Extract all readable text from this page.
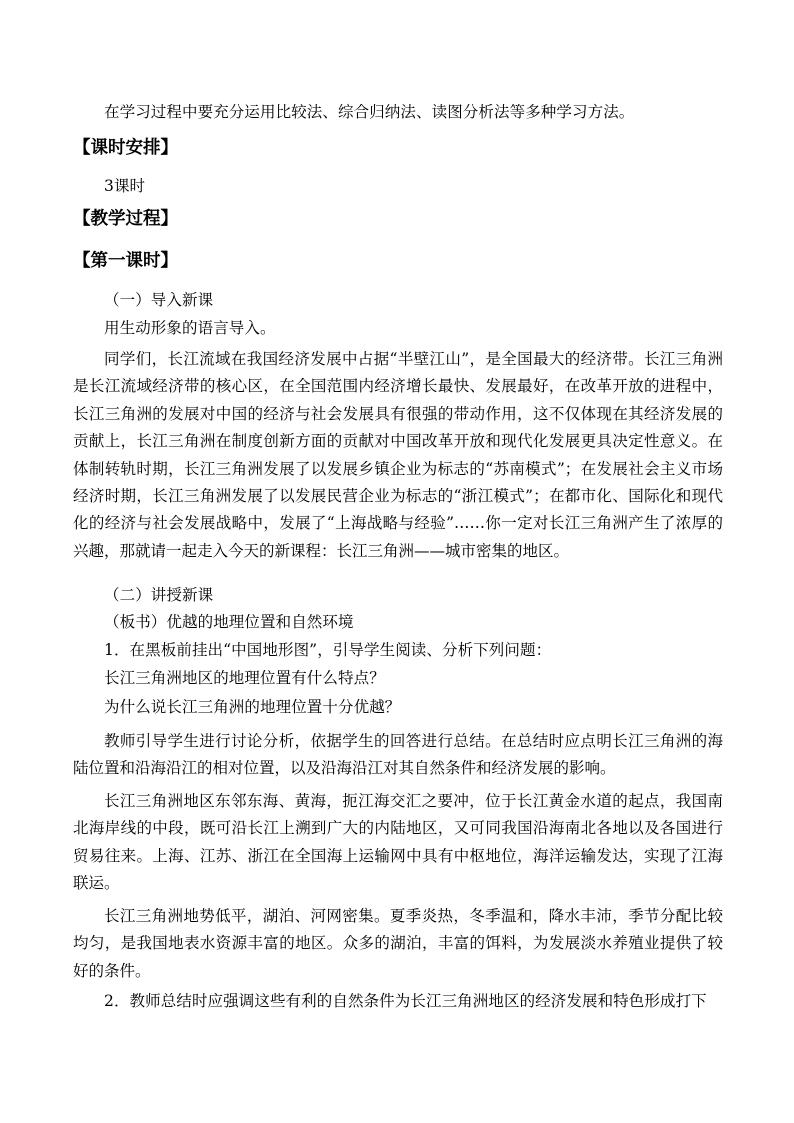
在学习过程中要充分运用比较法、综合归纳法、读图分析法等多种学习方法。
【课时安排】
3课时
【教学过程】
【第一课时】
（一）导入新课
用生动形象的语言导入。

同学们，长江流域在我国经济发展中占据“半壁江山”，是全国最大的经济带。长江三角洲是长江流域经济带的核心区，在全国范围内经济增长最快、发展最好，在改革开放的进程中，长江三角洲的发展对中国的经济与社会发展具有很强的带动作用，这不仅体现在其经济发展的贡献上，长江三角洲在制度创新方面的贡献对中国改革开放和现代化发展更具决定性意义。在体制转轨时期，长江三角洲发展了以发展乡镇企业为标志的“苏南模式”；在发展社会主义市场经济时期，长江三角洲发展了以发展民营企业为标志的“浙江模式”；在都市化、国际化和现代化的经济与社会发展战略中，发展了“上海战略与经验”……你一定对长江三角洲产生了浓厚的兴趣，那就请一起走入今天的新课程：长江三角洲——城市密集的地区。

（二）讲授新课
（板书）优越的地理位置和自然环境
1．在黑板前挂出“中国地形图”，引导学生阅读、分析下列问题：
长江三角洲地区的地理位置有什么特点？
为什么说长江三角洲的地理位置十分优越？

教师引导学生进行讨论分析，依据学生的回答进行总结。在总结时应点明长江三角洲的海陆位置和沿海沿江的相对位置，以及沿海沿江对其自然条件和经济发展的影响。

长江三角洲地区东邻东海、黄海，扼江海交汇之要冲，位于长江黄金水道的起点，我国南北海岸线的中段，既可沿长江上溯到广大的内陆地区，又可同我国沿海南北各地以及各国进行贸易往来。上海、江苏、浙江在全国海上运输网中具有中枢地位，海洋运输发达，实现了江海联运。

长江三角洲地势低平，湖泊、河网密集。夏季炎热，冬季温和，降水丰沛，季节分配比较均匀，是我国地表水资源丰富的地区。众多的湖泊，丰富的饵料，为发展淡水养殖业提供了较好的条件。

2．教师总结时应强调这些有利的自然条件为长江三角洲地区的经济发展和特色形成打下
